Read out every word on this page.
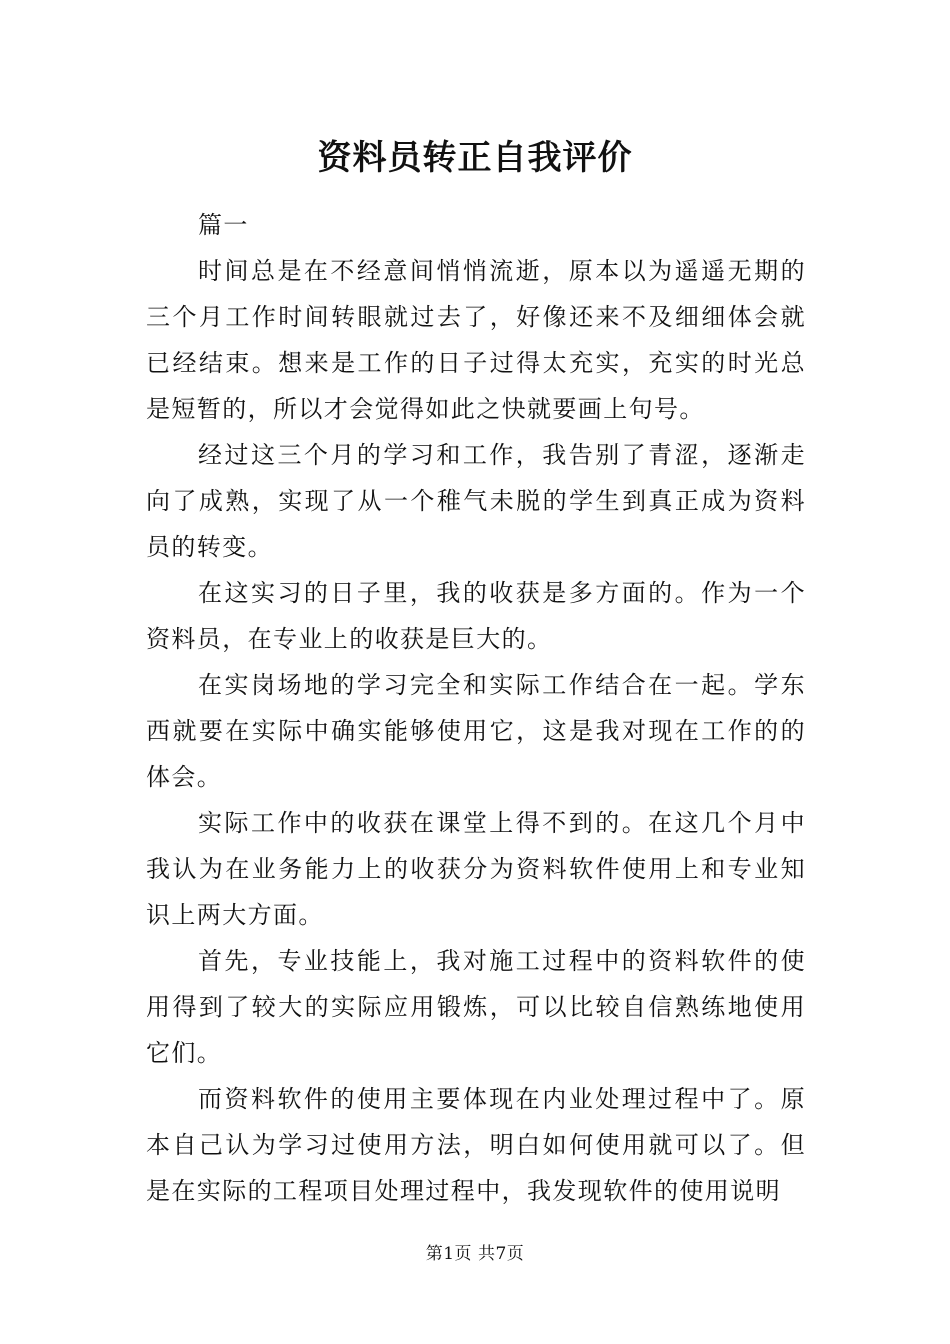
资料员转正自我评价

篇一

时间总是在不经意间悄悄流逝，原本以为遥遥无期的三个月工作时间转眼就过去了，好像还来不及细细体会就已经结束。想来是工作的日子过得太充实，充实的时光总是短暂的，所以才会觉得如此之快就要画上句号。

经过这三个月的学习和工作，我告别了青涩，逐渐走向了成熟，实现了从一个稚气未脱的学生到真正成为资料员的转变。

在这实习的日子里，我的收获是多方面的。作为一个资料员，在专业上的收获是巨大的。

在实岗场地的学习完全和实际工作结合在一起。学东西就要在实际中确实能够使用它，这是我对现在工作的的体会。

实际工作中的收获在课堂上得不到的。在这几个月中我认为在业务能力上的收获分为资料软件使用上和专业知识上两大方面。

首先，专业技能上，我对施工过程中的资料软件的使用得到了较大的实际应用锻炼，可以比较自信熟练地使用它们。

而资料软件的使用主要体现在内业处理过程中了。原本自己认为学习过使用方法，明白如何使用就可以了。但是在实际的工程项目处理过程中，我发现软件的使用说明

第1页 共7页
